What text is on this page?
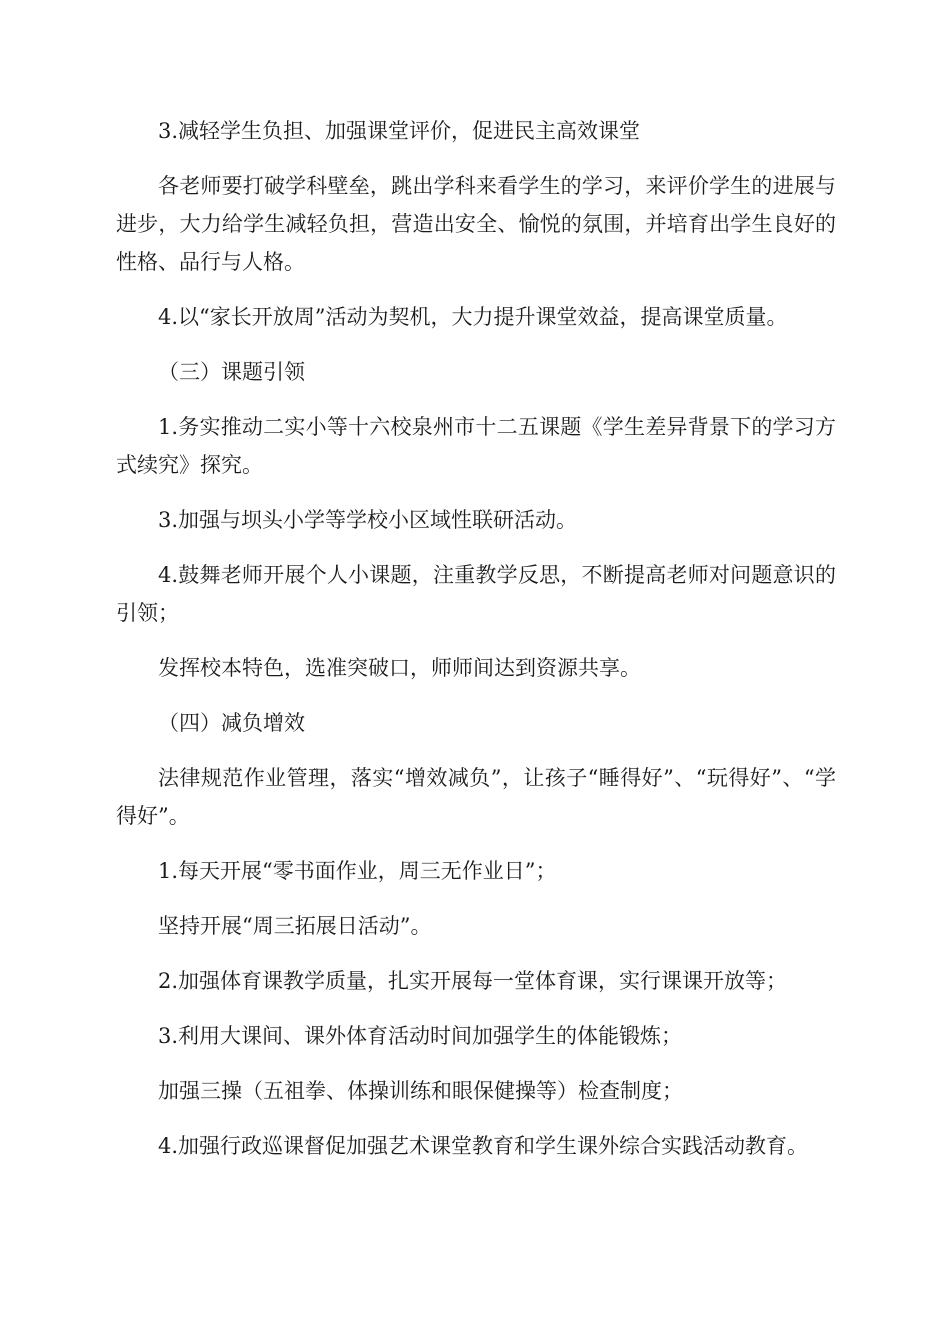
3.减轻学生负担、加强课堂评价，促进民主高效课堂

各老师要打破学科壁垒，跳出学科来看学生的学习，来评价学生的进展与进步，大力给学生减轻负担，营造出安全、愉悦的氛围，并培育出学生良好的性格、品行与人格。

4.以“家长开放周”活动为契机，大力提升课堂效益，提高课堂质量。

（三）课题引领

1.务实推动二实小等十六校泉州市十二五课题《学生差异背景下的学习方式续究》探究。

3.加强与坝头小学等学校小区域性联研活动。

4.鼓舞老师开展个人小课题，注重教学反思，不断提高老师对问题意识的引领；

发挥校本特色，选准突破口，师师间达到资源共享。

（四）减负增效

法律规范作业管理，落实“增效减负”，让孩子“睡得好”、“玩得好”、“学得好”。

1.每天开展“零书面作业，周三无作业日”；

坚持开展“周三拓展日活动”。

2.加强体育课教学质量，扎实开展每一堂体育课，实行课课开放等；

3.利用大课间、课外体育活动时间加强学生的体能锻炼；

加强三操（五祖拳、体操训练和眼保健操等）检查制度；

4.加强行政巡课督促加强艺术课堂教育和学生课外综合实践活动教育。
